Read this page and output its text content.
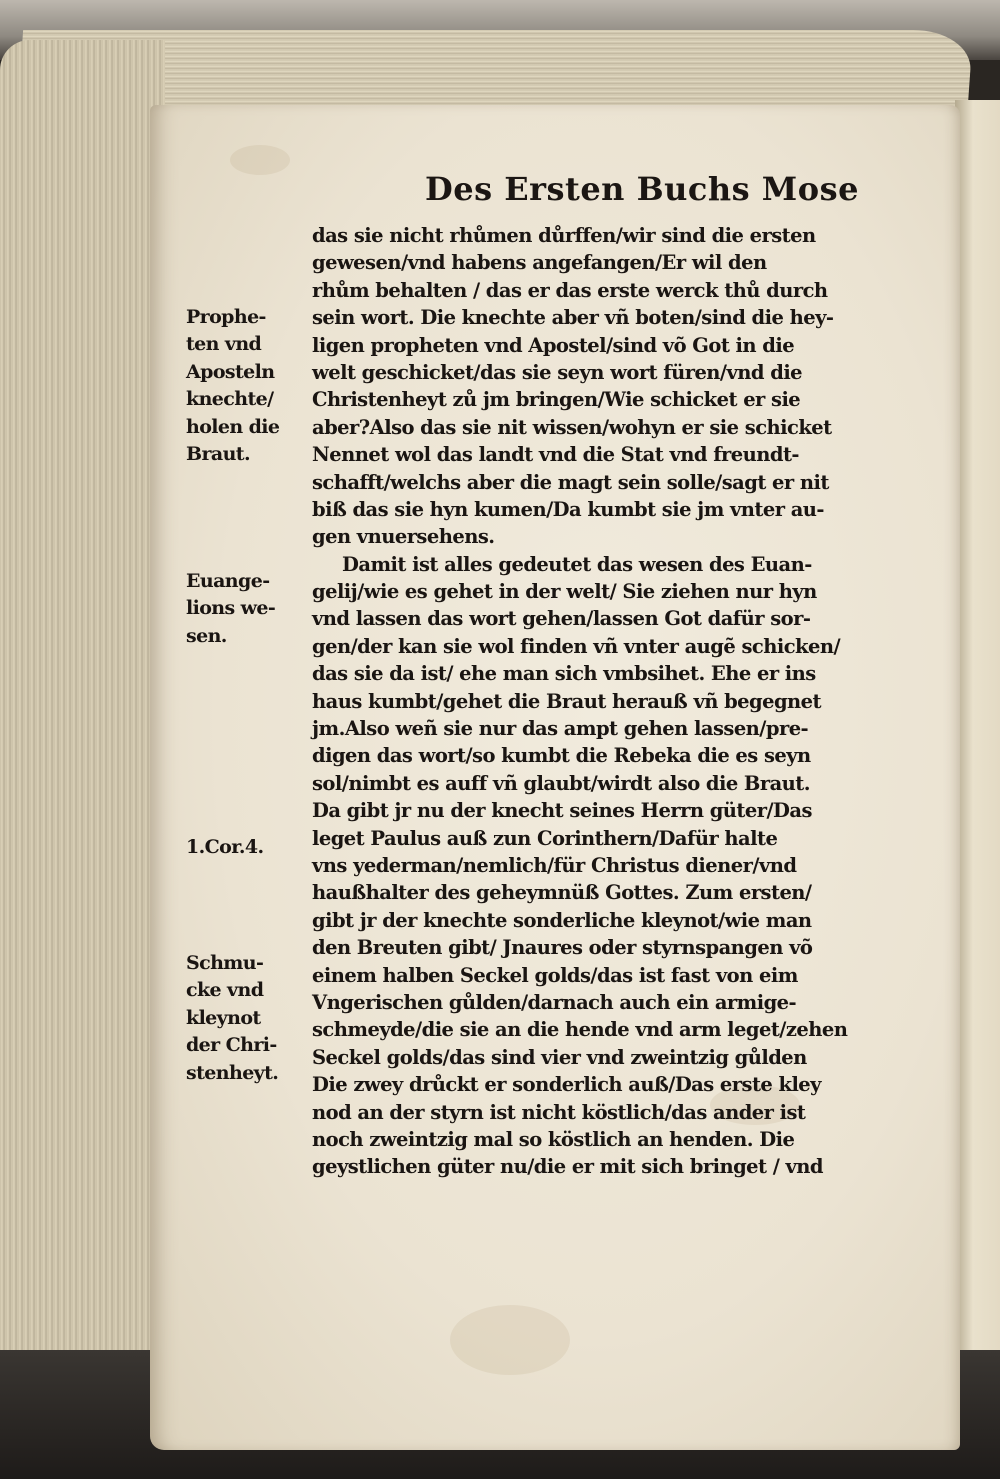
Des Ersten Buchs Mose
das sie nicht rhůmen důrffen/wir sind die ersten
gewesen/vnd habens angefangen/Er wil den
rhům behalten / das er das erste werck thů durch
sein wort. Die knechte aber vñ boten/sind die hey-
ligen propheten vnd Apostel/sind võ Got in die
welt geschicket/das sie seyn wort füren/vnd die
Christenheyt zů jm bringen/Wie schicket er sie
aber?Also das sie nit wissen/wohyn er sie schicket
Nennet wol das landt vnd die Stat vnd freundt-
schafft/welchs aber die magt sein solle/sagt er nit
biß das sie hyn kumen/Da kumbt sie jm vnter au-
gen vnuersehens.
Damit ist alles gedeutet das wesen des Euan-
gelij/wie es gehet in der welt/ Sie ziehen nur hyn
vnd lassen das wort gehen/lassen Got dafür sor-
gen/der kan sie wol finden vñ vnter augẽ schicken/
das sie da ist/ ehe man sich vmbsihet. Ehe er ins
haus kumbt/gehet die Braut herauß vñ begegnet
jm.Also weñ sie nur das ampt gehen lassen/pre-
digen das wort/so kumbt die Rebeka die es seyn
sol/nimbt es auff vñ glaubt/wirdt also die Braut.
Da gibt jr nu der knecht seines Herrn güter/Das
leget Paulus auß zun Corinthern/Dafür halte
vns yederman/nemlich/für Christus diener/vnd
haußhalter des geheymnüß Gottes. Zum ersten/
gibt jr der knechte sonderliche kleynot/wie man
den Breuten gibt/ Jnaures oder styrnspangen võ
einem halben Seckel golds/das ist fast von eim
Vngerischen gůlden/darnach auch ein armige-
schmeyde/die sie an die hende vnd arm leget/zehen
Seckel golds/das sind vier vnd zweintzig gůlden
Die zwey drůckt er sonderlich auß/Das erste kley
nod an der styrn ist nicht köstlich/das ander ist
noch zweintzig mal so köstlich an henden. Die
geystlichen güter nu/die er mit sich bringet / vnd
Prophe-
ten vnd
Aposteln
knechte/
holen die
Braut.
Euange-
lions we-
sen.
1.Cor.4.
Schmu-
cke vnd
kleynot
der Chri-
stenheyt.
